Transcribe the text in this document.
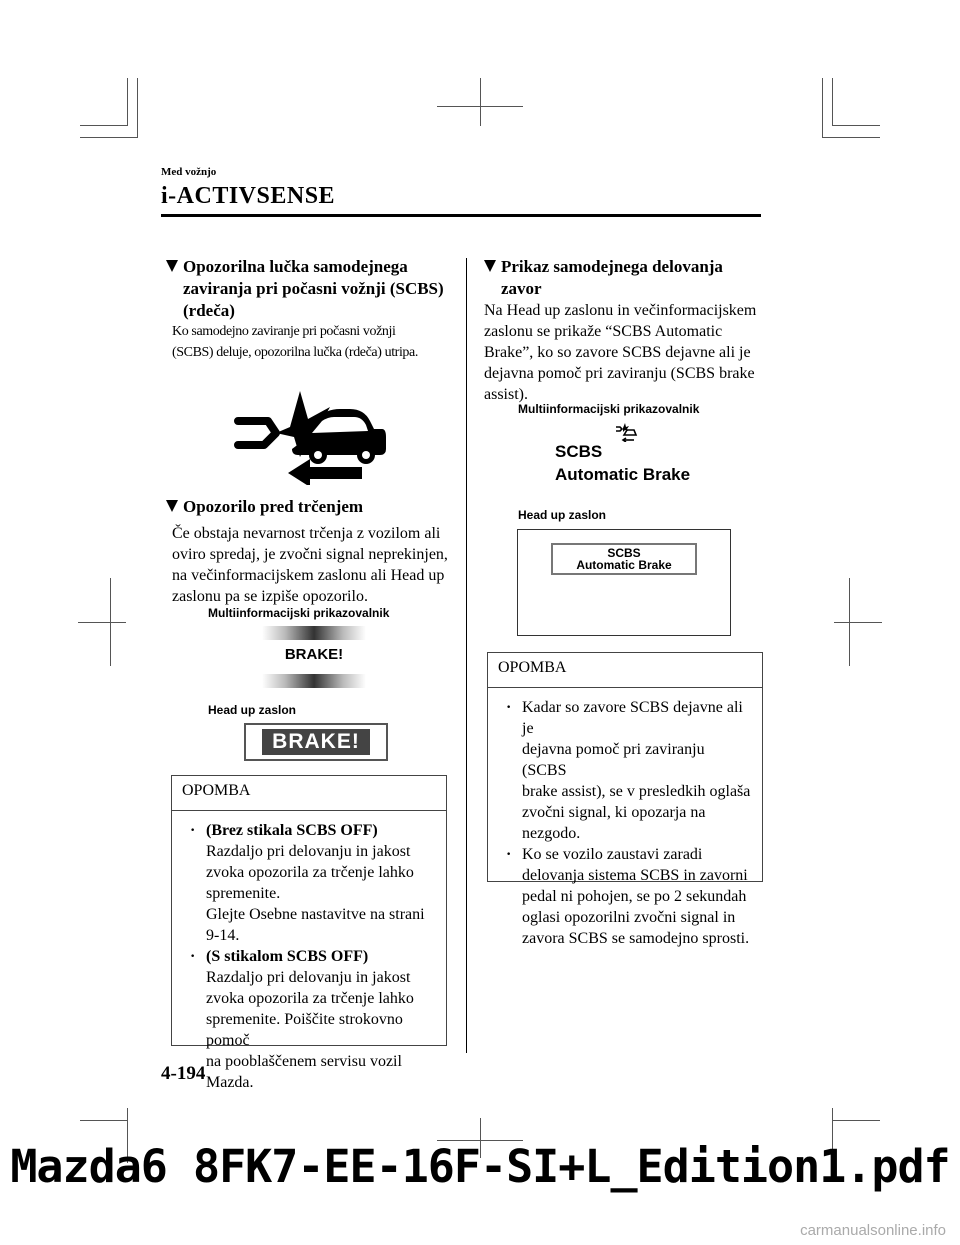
Med vožnjo
i-ACTIVSENSE
Opozorilna lučka samodejnega
zaviranja pri počasni vožnji (SCBS)
(rdeča)
Ko samodejno zaviranje pri počasni vožnji
(SCBS) deluje, opozorilna lučka (rdeča) utripa.
Opozorilo pred trčenjem
Če obstaja nevarnost trčenja z vozilom ali
oviro spredaj, je zvočni signal neprekinjen,
na večinformacijskem zaslonu ali Head up
zaslonu pa se izpiše opozorilo.
Multiinformacijski prikazovalnik
BRAKE!
Head up zaslon
BRAKE!
OPOMBA
· (Brez stikala SCBS OFF)
Razdaljo pri delovanju in jakost
zvoka opozorila za trčenje lahko
spremenite.
Glejte Osebne nastavitve na strani
9-14.
· (S stikalom SCBS OFF)
Razdaljo pri delovanju in jakost
zvoka opozorila za trčenje lahko
spremenite. Poiščite strokovno pomoč
na pooblaščenem servisu vozil
Mazda.
Prikaz samodejnega delovanja
zavor
Na Head up zaslonu in večinformacijskem
zaslonu se prikaže “SCBS Automatic
Brake”, ko so zavore SCBS dejavne ali je
dejavna pomoč pri zaviranju (SCBS brake
assist).
Multiinformacijski prikazovalnik
SCBS
Automatic Brake
Head up zaslon
SCBS
Automatic Brake
OPOMBA
· Kadar so zavore SCBS dejavne ali je
dejavna pomoč pri zaviranju (SCBS
brake assist), se v presledkih oglaša
zvočni signal, ki opozarja na
nezgodo.
· Ko se vozilo zaustavi zaradi
delovanja sistema SCBS in zavorni
pedal ni pohojen, se po 2 sekundah
oglasi opozorilni zvočni signal in
zavora SCBS se samodejno sprosti.
4-194
Mazda6 8FK7-EE-16F-SI+L_Edition1.pdf
carmanualsonline.info
